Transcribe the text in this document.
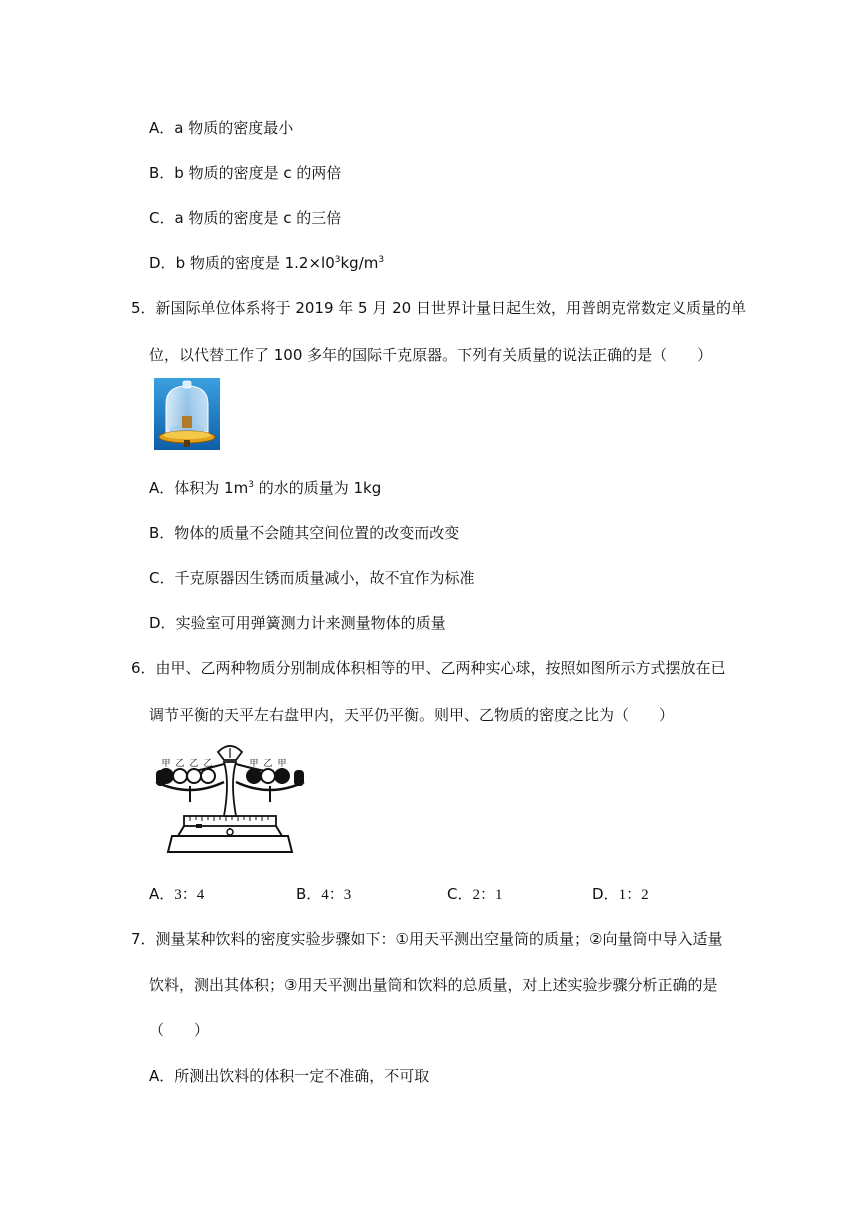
A．a 物质的密度最小
B．b 物质的密度是 c 的两倍
C．a 物质的密度是 c 的三倍
D．b 物质的密度是 $1.2\times l0^3kg/m^3$
5．新国际单位体系将于 2019 年 5 月 20 日世界计量日起生效，用普朗克常数定义质量的单
位，以代替工作了 100 多年的国际千克原器。下列有关质量的说法正确的是（　　）
A．体积为 $1m^3$ 的水的质量为 1kg
B．物体的质量不会随其空间位置的改变而改变
C．千克原器因生锈而质量减小，故不宜作为标准
D．实验室可用弹簧测力计来测量物体的质量
6．由甲、乙两种物质分别制成体积相等的甲、乙两种实心球，按照如图所示方式摆放在已
调节平衡的天平左右盘甲内，天平仍平衡。则甲、乙物质的密度之比为（　　）
甲 乙 乙 乙	甲 乙 甲
A．3：4	B．4：3	C．2：1	D．1：2
7．测量某种饮料的密度实验步骤如下：①用天平测出空量筒的质量；②向量筒中导入适量
饮料，测出其体积；③用天平测出量筒和饮料的总质量，对上述实验步骤分析正确的是
（　　）
A．所测出饮料的体积一定不准确，不可取
